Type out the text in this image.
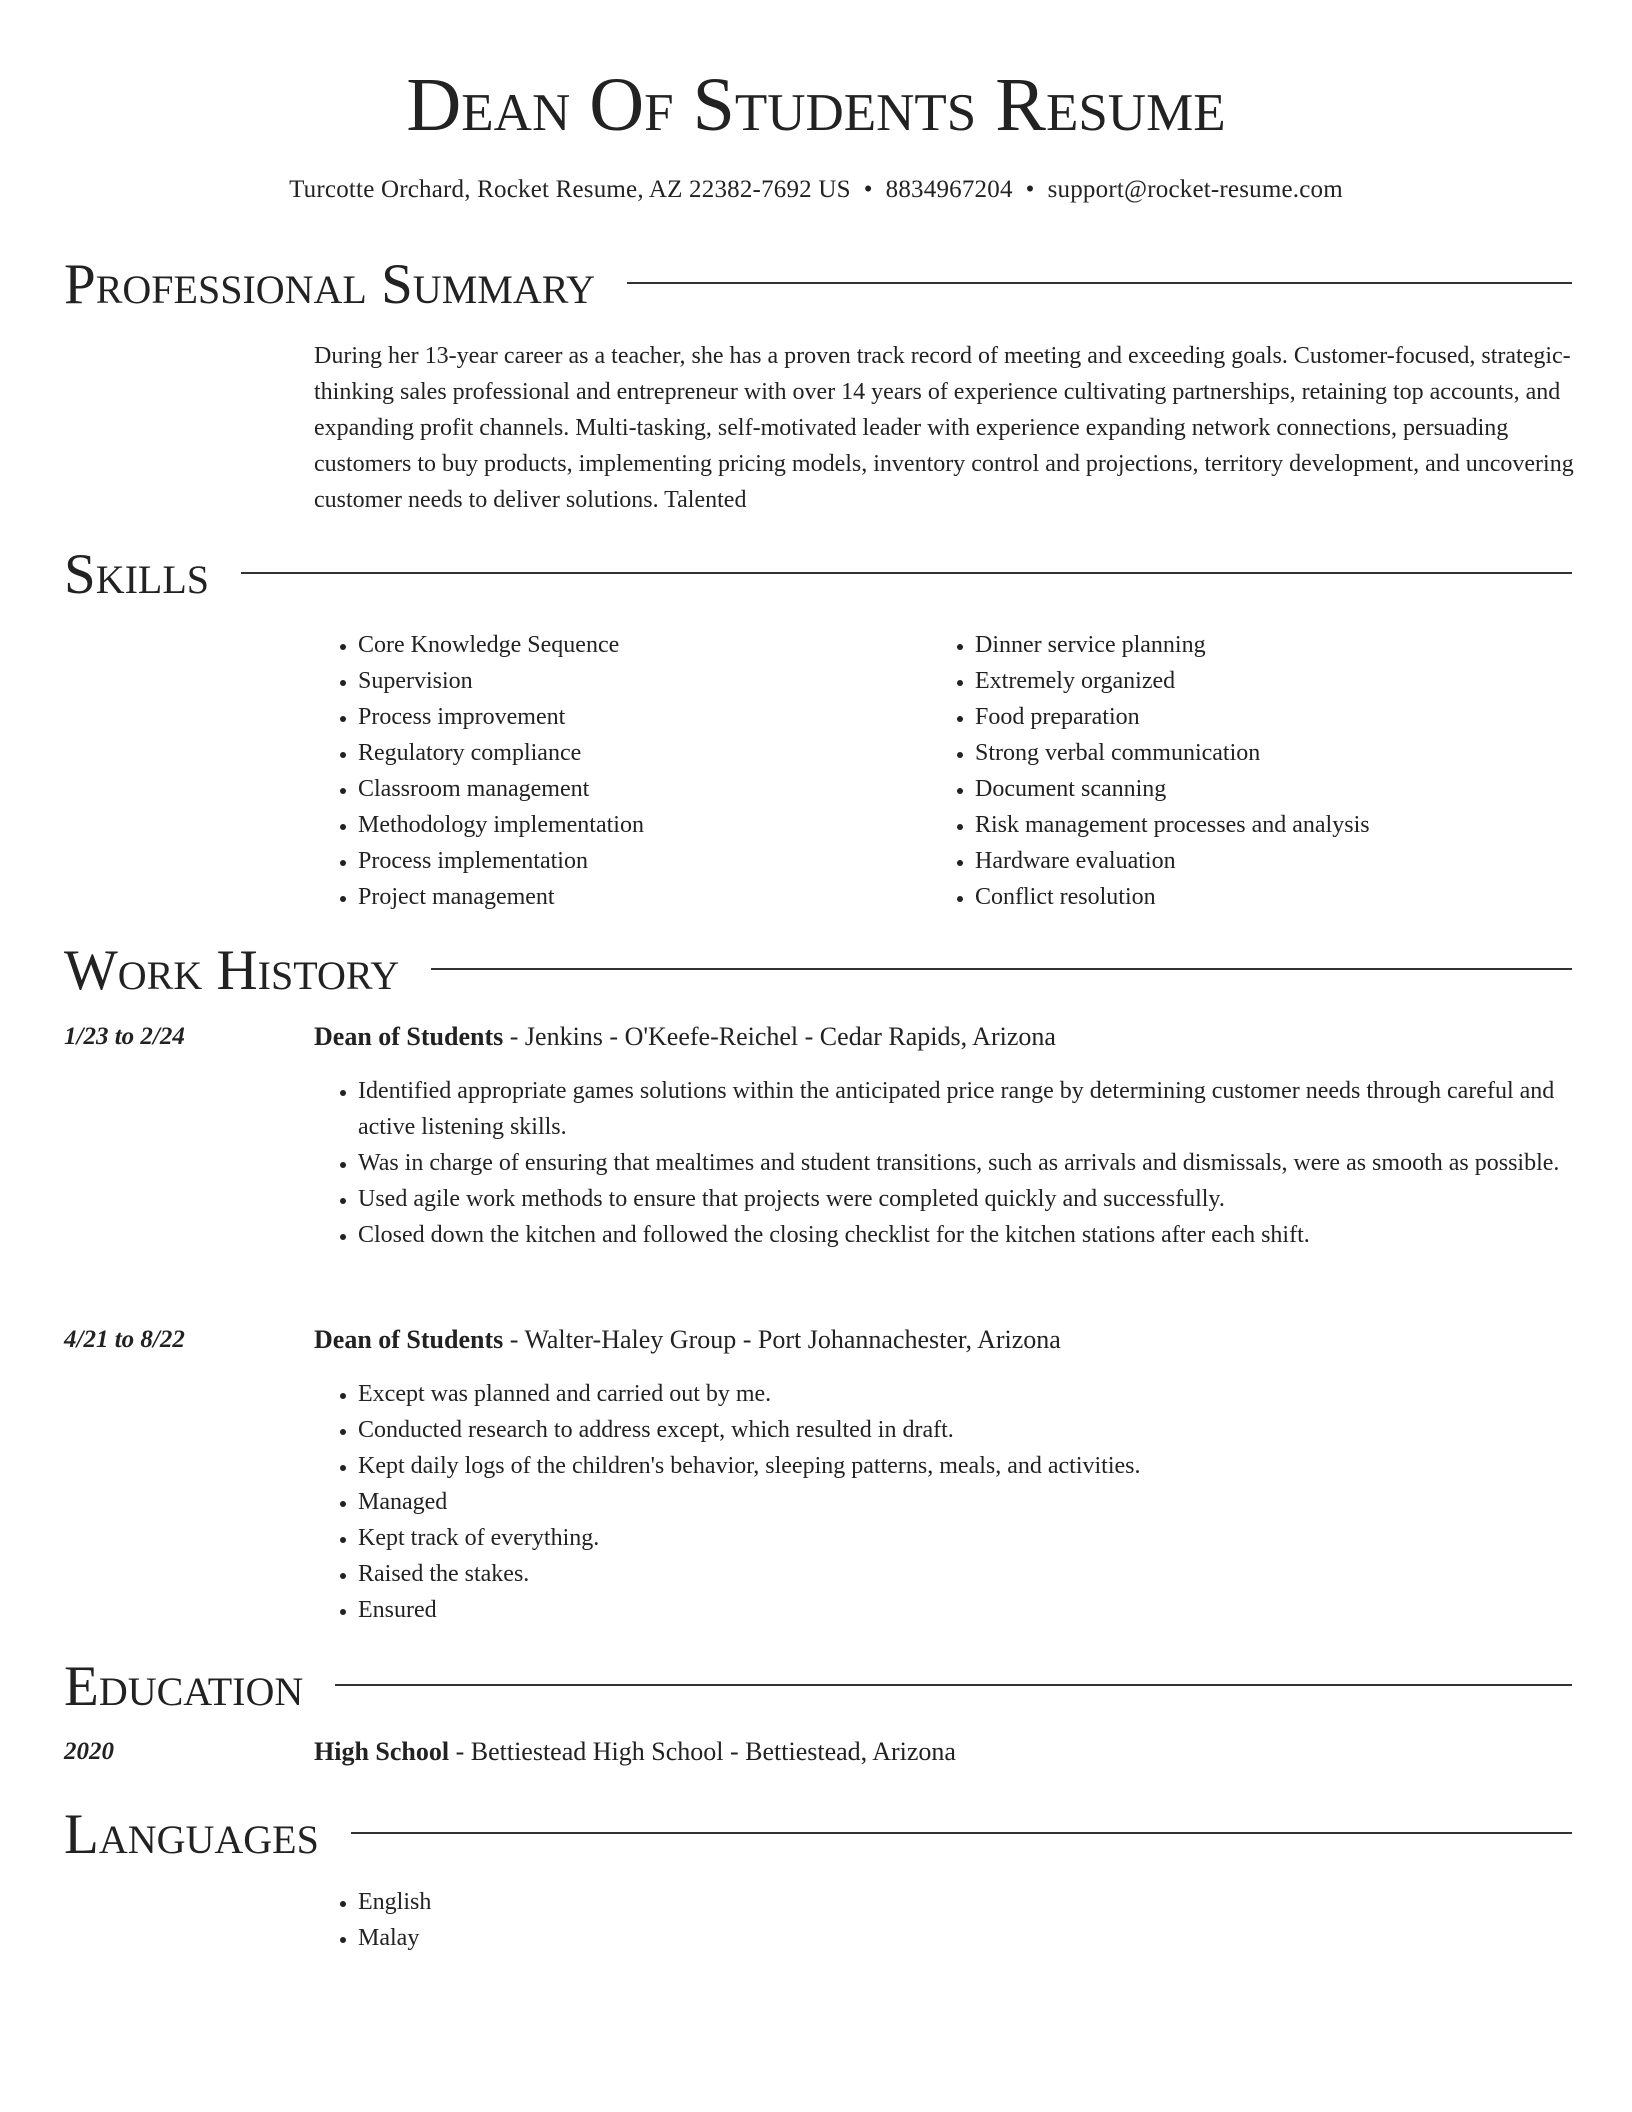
Dean Of Students Resume
Turcotte Orchard, Rocket Resume, AZ 22382-7692 US • 8834967204 • support@rocket-resume.com
Professional Summary

During her 13-year career as a teacher, she has a proven track record of meeting and exceeding goals. Customer-focused, strategic-thinking sales professional and entrepreneur with over 14 years of experience cultivating partnerships, retaining top accounts, and expanding profit channels. Multi-tasking, self-motivated leader with experience expanding network connections, persuading customers to buy products, implementing pricing models, inventory control and projections, territory development, and uncovering customer needs to deliver solutions. Talented

Skills
• Core Knowledge Sequence
• Supervision
• Process improvement
• Regulatory compliance
• Classroom management
• Methodology implementation
• Process implementation
• Project management
• Dinner service planning
• Extremely organized
• Food preparation
• Strong verbal communication
• Document scanning
• Risk management processes and analysis
• Hardware evaluation
• Conflict resolution
Work History
1/23 to 2/24	Dean of Students - Jenkins - O'Keefe-Reichel - Cedar Rapids, Arizona
• Identified appropriate games solutions within the anticipated price range by determining customer needs through careful and active listening skills.
• Was in charge of ensuring that mealtimes and student transitions, such as arrivals and dismissals, were as smooth as possible.
• Used agile work methods to ensure that projects were completed quickly and successfully.
• Closed down the kitchen and followed the closing checklist for the kitchen stations after each shift.
4/21 to 8/22	Dean of Students - Walter-Haley Group - Port Johannachester, Arizona
• Except was planned and carried out by me.
• Conducted research to address except, which resulted in draft.
• Kept daily logs of the children's behavior, sleeping patterns, meals, and activities.
• Managed
• Kept track of everything.
• Raised the stakes.
• Ensured
Education
2020	High School - Bettiestead High School - Bettiestead, Arizona
Languages
• English
• Malay
